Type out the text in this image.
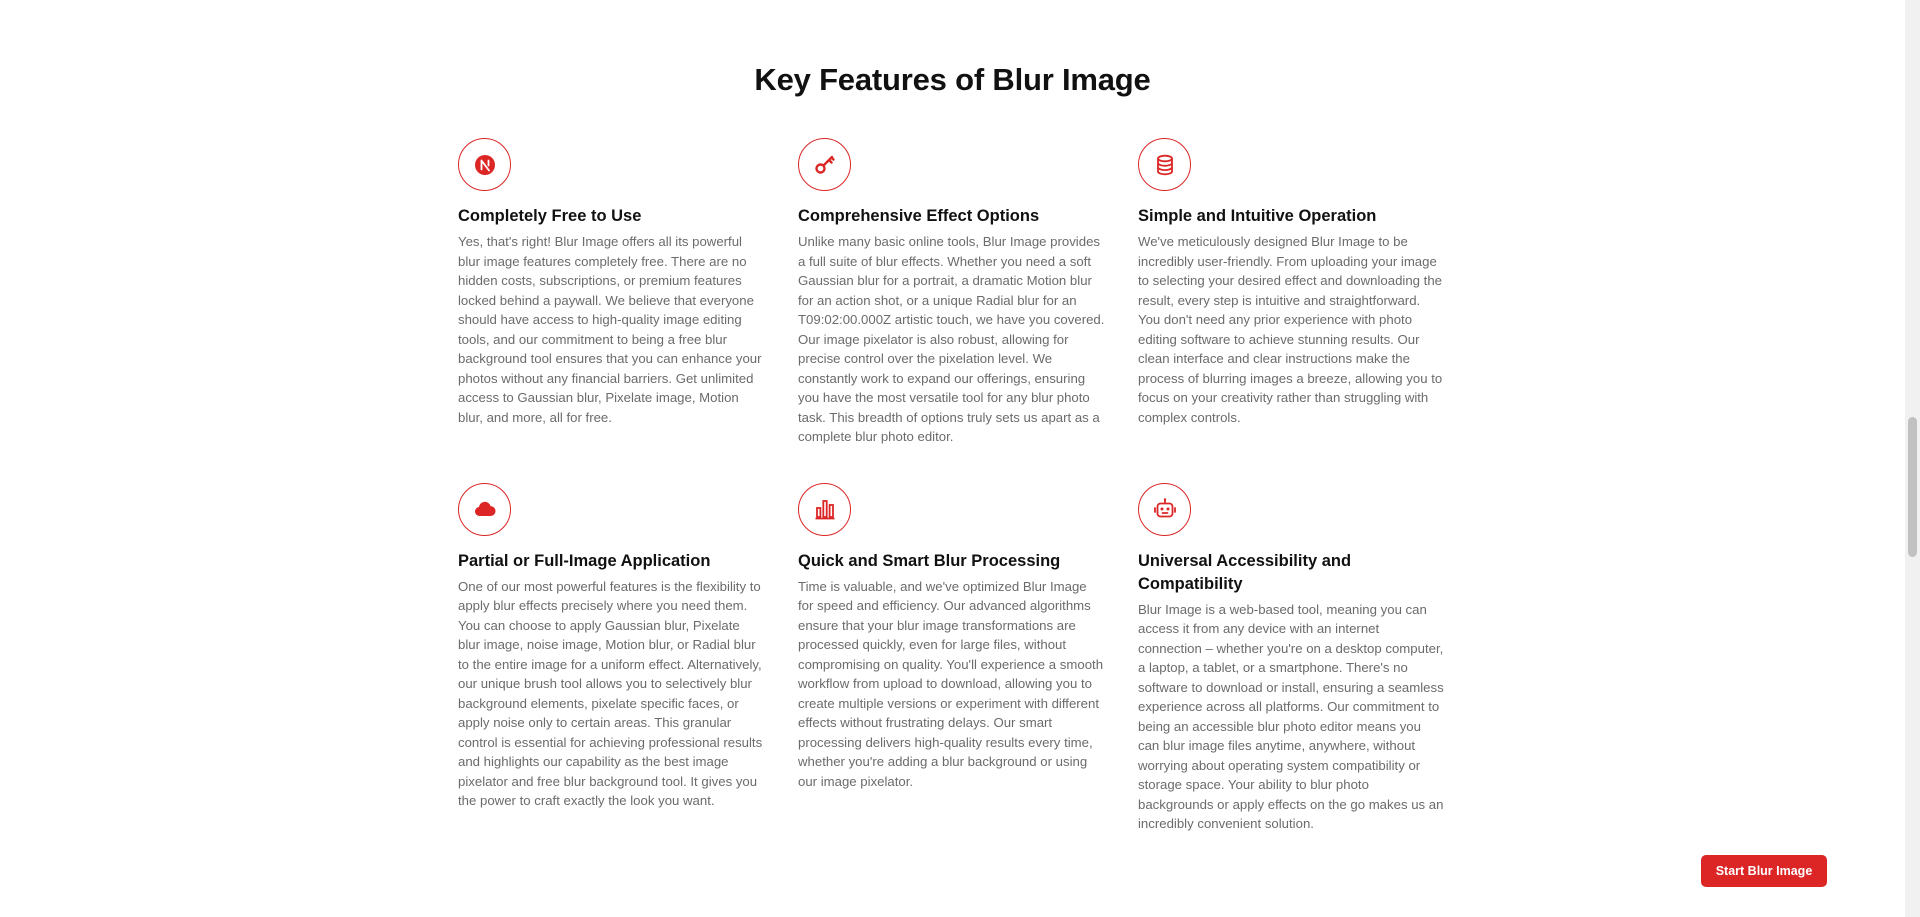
Key Features of Blur Image
Completely Free to Use

Yes, that's right! Blur Image offers all its powerful blur image features completely free. There are no hidden costs, subscriptions, or premium features locked behind a paywall. We believe that everyone should have access to high-quality image editing tools, and our commitment to being a free blur background tool ensures that you can enhance your photos without any financial barriers. Get unlimited access to Gaussian blur, Pixelate image, Motion blur, and more, all for free.

Comprehensive Effect Options

Unlike many basic online tools, Blur Image provides a full suite of blur effects. Whether you need a soft Gaussian blur for a portrait, a dramatic Motion blur for an action shot, or a unique Radial blur for an T09:02:00.000Z artistic touch, we have you covered. Our image pixelator is also robust, allowing for precise control over the pixelation level. We constantly work to expand our offerings, ensuring you have the most versatile tool for any blur photo task. This breadth of options truly sets us apart as a complete blur photo editor.

Simple and Intuitive Operation

We've meticulously designed Blur Image to be incredibly user-friendly. From uploading your image to selecting your desired effect and downloading the result, every step is intuitive and straightforward. You don't need any prior experience with photo editing software to achieve stunning results. Our clean interface and clear instructions make the process of blurring images a breeze, allowing you to focus on your creativity rather than struggling with complex controls.

Partial or Full-Image Application

One of our most powerful features is the flexibility to apply blur effects precisely where you need them. You can choose to apply Gaussian blur, Pixelate blur image, noise image, Motion blur, or Radial blur to the entire image for a uniform effect. Alternatively, our unique brush tool allows you to selectively blur background elements, pixelate specific faces, or apply noise only to certain areas. This granular control is essential for achieving professional results and highlights our capability as the best image pixelator and free blur background tool. It gives you the power to craft exactly the look you want.

Quick and Smart Blur Processing

Time is valuable, and we've optimized Blur Image for speed and efficiency. Our advanced algorithms ensure that your blur image transformations are processed quickly, even for large files, without compromising on quality. You'll experience a smooth workflow from upload to download, allowing you to create multiple versions or experiment with different effects without frustrating delays. Our smart processing delivers high-quality results every time, whether you're adding a blur background or using our image pixelator.

Universal Accessibility and Compatibility

Blur Image is a web-based tool, meaning you can access it from any device with an internet connection – whether you're on a desktop computer, a laptop, a tablet, or a smartphone. There's no software to download or install, ensuring a seamless experience across all platforms. Our commitment to being an accessible blur photo editor means you can blur image files anytime, anywhere, without worrying about operating system compatibility or storage space. Your ability to blur photo backgrounds or apply effects on the go makes us an incredibly convenient solution.

Start Blur Image
